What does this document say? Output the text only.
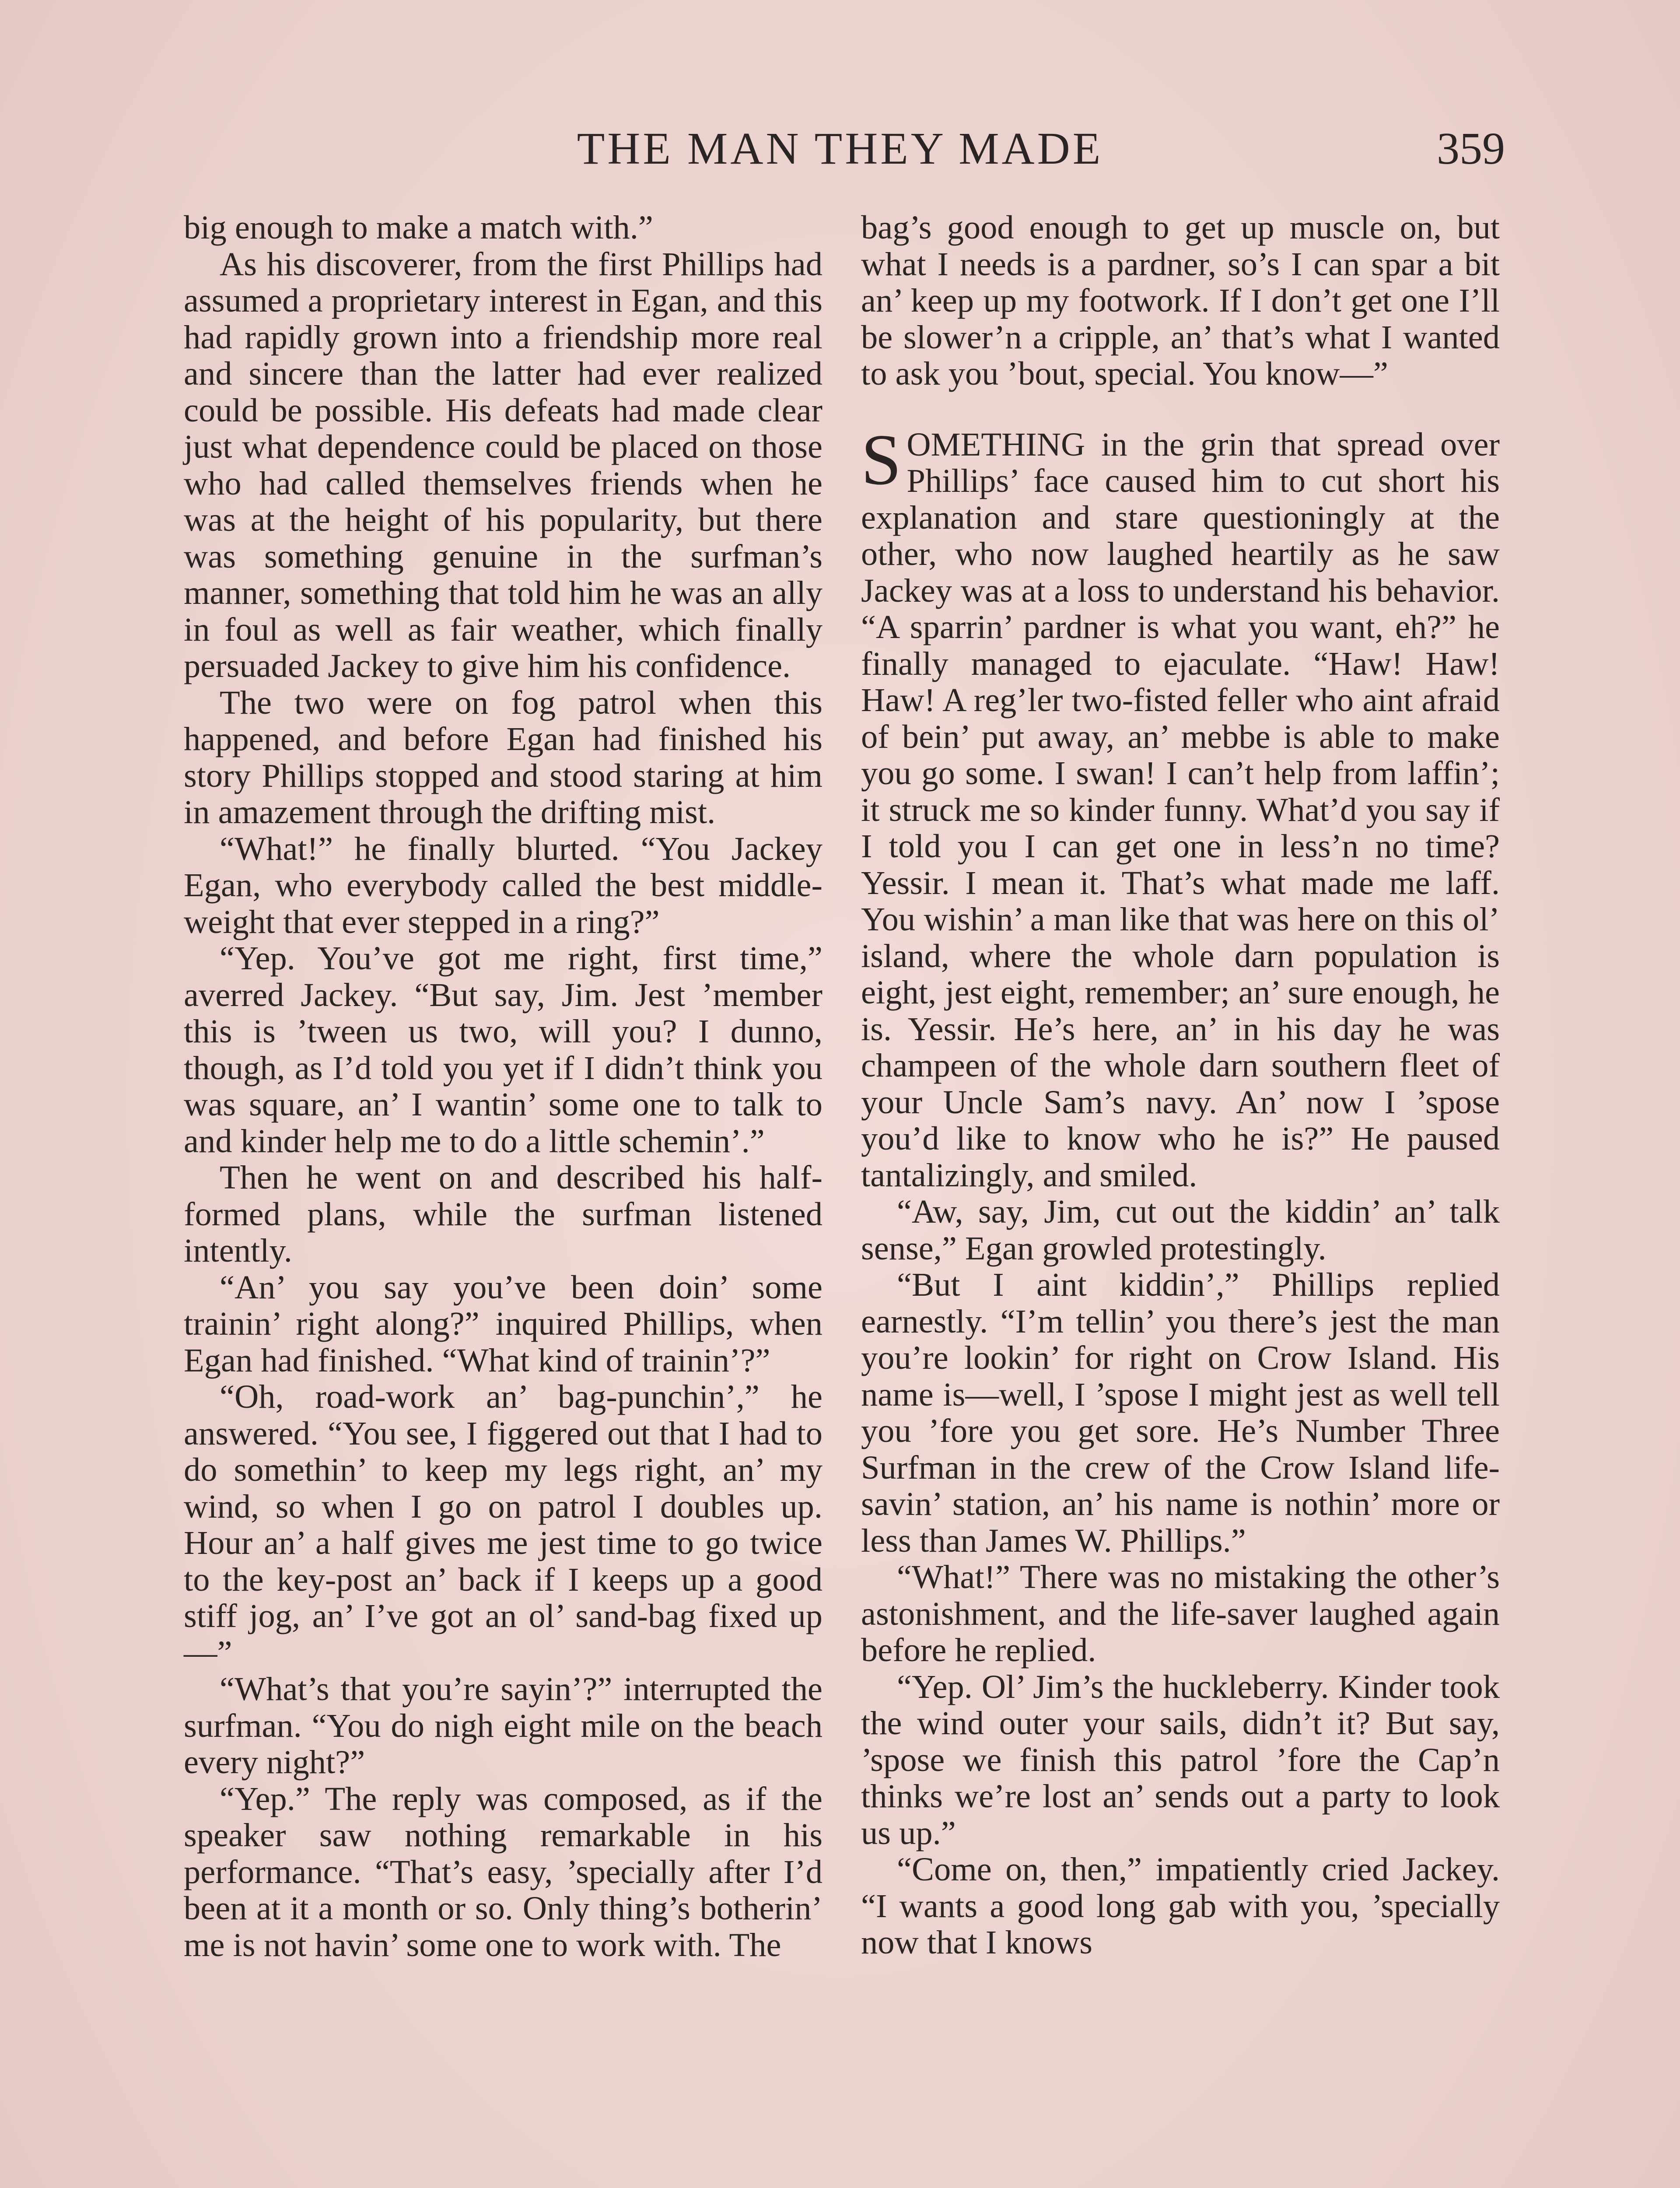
THE MAN THEY MADE	359

big enough to make a match with.”

As his discoverer, from the first Phillips had assumed a proprietary interest in Egan, and this had rapidly grown into a friendship more real and sincere than the latter had ever realized could be possible. His defeats had made clear just what dependence could be placed on those who had called themselves friends when he was at the height of his popularity, but there was something genuine in the surfman’s manner, something that told him he was an ally in foul as well as fair weather, which finally persuaded Jackey to give him his confidence.

The two were on fog patrol when this happened, and before Egan had finished his story Phillips stopped and stood staring at him in amazement through the drifting mist.

“What!” he finally blurted. “You Jackey Egan, who everybody called the best middle-weight that ever stepped in a ring?”

“Yep. You’ve got me right, first time,” averred Jackey. “But say, Jim. Jest ’member this is ’tween us two, will you? I dunno, though, as I’d told you yet if I didn’t think you was square, an’ I wantin’ some one to talk to and kinder help me to do a little schemin’.”

Then he went on and described his half-formed plans, while the surfman listened intently.

“An’ you say you’ve been doin’ some trainin’ right along?” inquired Phillips, when Egan had finished. “What kind of trainin’?”

“Oh, road-work an’ bag-punchin’,” he answered. “You see, I figgered out that I had to do somethin’ to keep my legs right, an’ my wind, so when I go on patrol I doubles up. Hour an’ a half gives me jest time to go twice to the key-post an’ back if I keeps up a good stiff jog, an’ I’ve got an ol’ sand-bag fixed up—”

“What’s that you’re sayin’?” interrupted the surfman. “You do nigh eight mile on the beach every night?”

“Yep.” The reply was composed, as if the speaker saw nothing remarkable in his performance. “That’s easy, ’specially after I’d been at it a month or so. Only thing’s botherin’ me is not havin’ some one to work with. The

bag’s good enough to get up muscle on, but what I needs is a pardner, so’s I can spar a bit an’ keep up my footwork. If I don’t get one I’ll be slower’n a cripple, an’ that’s what I wanted to ask you ’bout, special. You know—”

SOMETHING in the grin that spread over Phillips’ face caused him to cut short his explanation and stare questioningly at the other, who now laughed heartily as he saw Jackey was at a loss to understand his behavior. “A sparrin’ pardner is what you want, eh?” he finally managed to ejaculate. “Haw! Haw! Haw! A reg’ler two-fisted feller who aint afraid of bein’ put away, an’ mebbe is able to make you go some. I swan! I can’t help from laffin’; it struck me so kinder funny. What’d you say if I told you I can get one in less’n no time? Yessir. I mean it. That’s what made me laff. You wishin’ a man like that was here on this ol’ island, where the whole darn population is eight, jest eight, remember; an’ sure enough, he is. Yessir. He’s here, an’ in his day he was champeen of the whole darn southern fleet of your Uncle Sam’s navy. An’ now I ’spose you’d like to know who he is?” He paused tantalizingly, and smiled.

“Aw, say, Jim, cut out the kiddin’ an’ talk sense,” Egan growled protestingly.

“But I aint kiddin’,” Phillips replied earnestly. “I’m tellin’ you there’s jest the man you’re lookin’ for right on Crow Island. His name is—well, I ’spose I might jest as well tell you ’fore you get sore. He’s Number Three Surfman in the crew of the Crow Island life-savin’ station, an’ his name is nothin’ more or less than James W. Phillips.”

“What!” There was no mistaking the other’s astonishment, and the life-saver laughed again before he replied.

“Yep. Ol’ Jim’s the huckleberry. Kinder took the wind outer your sails, didn’t it? But say, ’spose we finish this patrol ’fore the Cap’n thinks we’re lost an’ sends out a party to look us up.”

“Come on, then,” impatiently cried Jackey. “I wants a good long gab with you, ’specially now that I knows
